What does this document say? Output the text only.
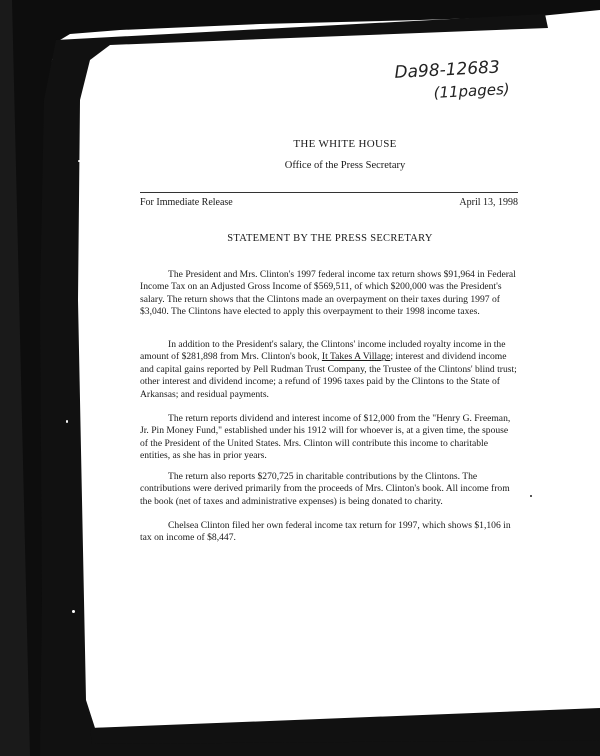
Da98-12683

(11pages)
THE WHITE HOUSE
Office of the Press Secretary
For Immediate Release	April 13, 1998
STATEMENT BY THE PRESS SECRETARY
The President and Mrs. Clinton's 1997 federal income tax return shows $91,964 in Federal Income Tax on an Adjusted Gross Income of $569,511, of which $200,000 was the President's salary. The return shows that the Clintons made an overpayment on their taxes during 1997 of $3,040. The Clintons have elected to apply this overpayment to their 1998 income taxes.
In addition to the President's salary, the Clintons' income included royalty income in the amount of $281,898 from Mrs. Clinton's book, It Takes A Village; interest and dividend income and capital gains reported by Pell Rudman Trust Company, the Trustee of the Clintons' blind trust; other interest and dividend income; a refund of 1996 taxes paid by the Clintons to the State of Arkansas; and residual payments.
The return reports dividend and interest income of $12,000 from the "Henry G. Freeman, Jr. Pin Money Fund," established under his 1912 will for whoever is, at a given time, the spouse of the President of the United States. Mrs. Clinton will contribute this income to charitable entities, as she has in prior years.
The return also reports $270,725 in charitable contributions by the Clintons. The contributions were derived primarily from the proceeds of Mrs. Clinton's book. All income from the book (net of taxes and administrative expenses) is being donated to charity.
Chelsea Clinton filed her own federal income tax return for 1997, which shows $1,106 in tax on income of $8,447.
